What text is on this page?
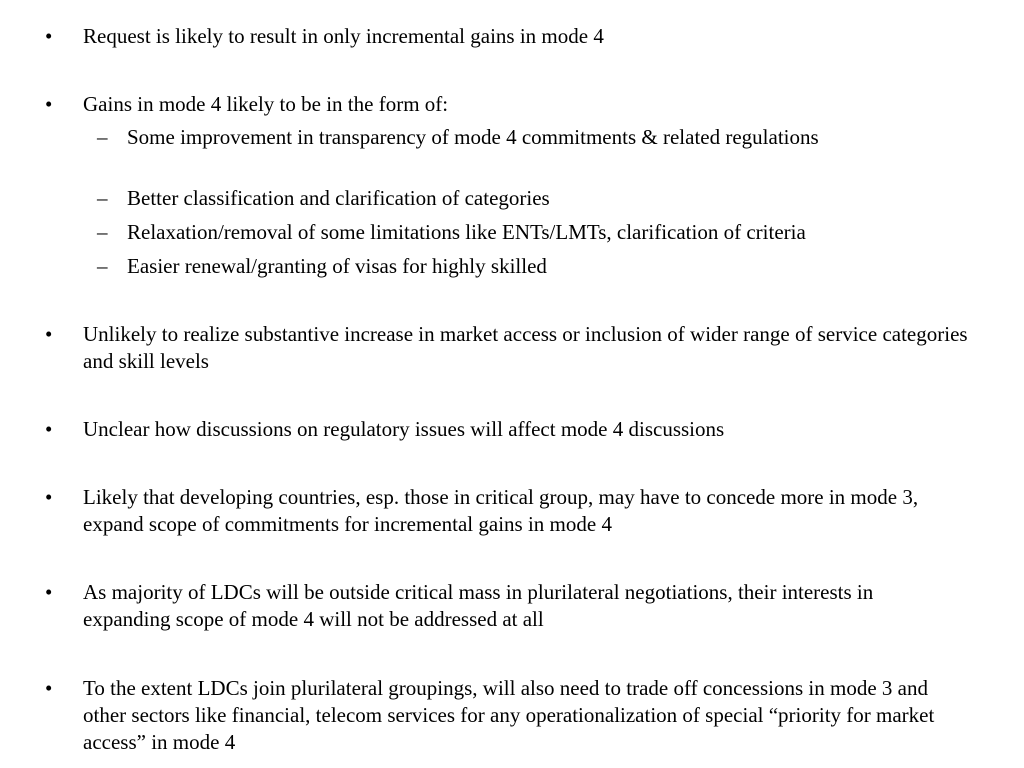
• Request is likely to result in only incremental gains in mode 4
• Gains in mode 4 likely to be in the form of:
– Some improvement in transparency of mode 4 commitments & related regulations
– Better classification and clarification of categories
– Relaxation/removal of some limitations like ENTs/LMTs, clarification of criteria
– Easier renewal/granting of visas for highly skilled
• Unlikely to realize substantive increase in market access or inclusion of wider range of service categories and skill levels
• Unclear how discussions on regulatory issues will affect mode 4 discussions
• Likely that developing countries, esp. those in critical group, may have to concede more in mode 3, expand scope of commitments for incremental gains in mode 4
• As majority of LDCs will be outside critical mass in plurilateral negotiations, their interests in expanding scope of mode 4 will not be addressed at all
• To the extent LDCs join plurilateral groupings, will also need to trade off concessions in mode 3 and other sectors like financial, telecom services for any operationalization of special “priority for market access” in mode 4
